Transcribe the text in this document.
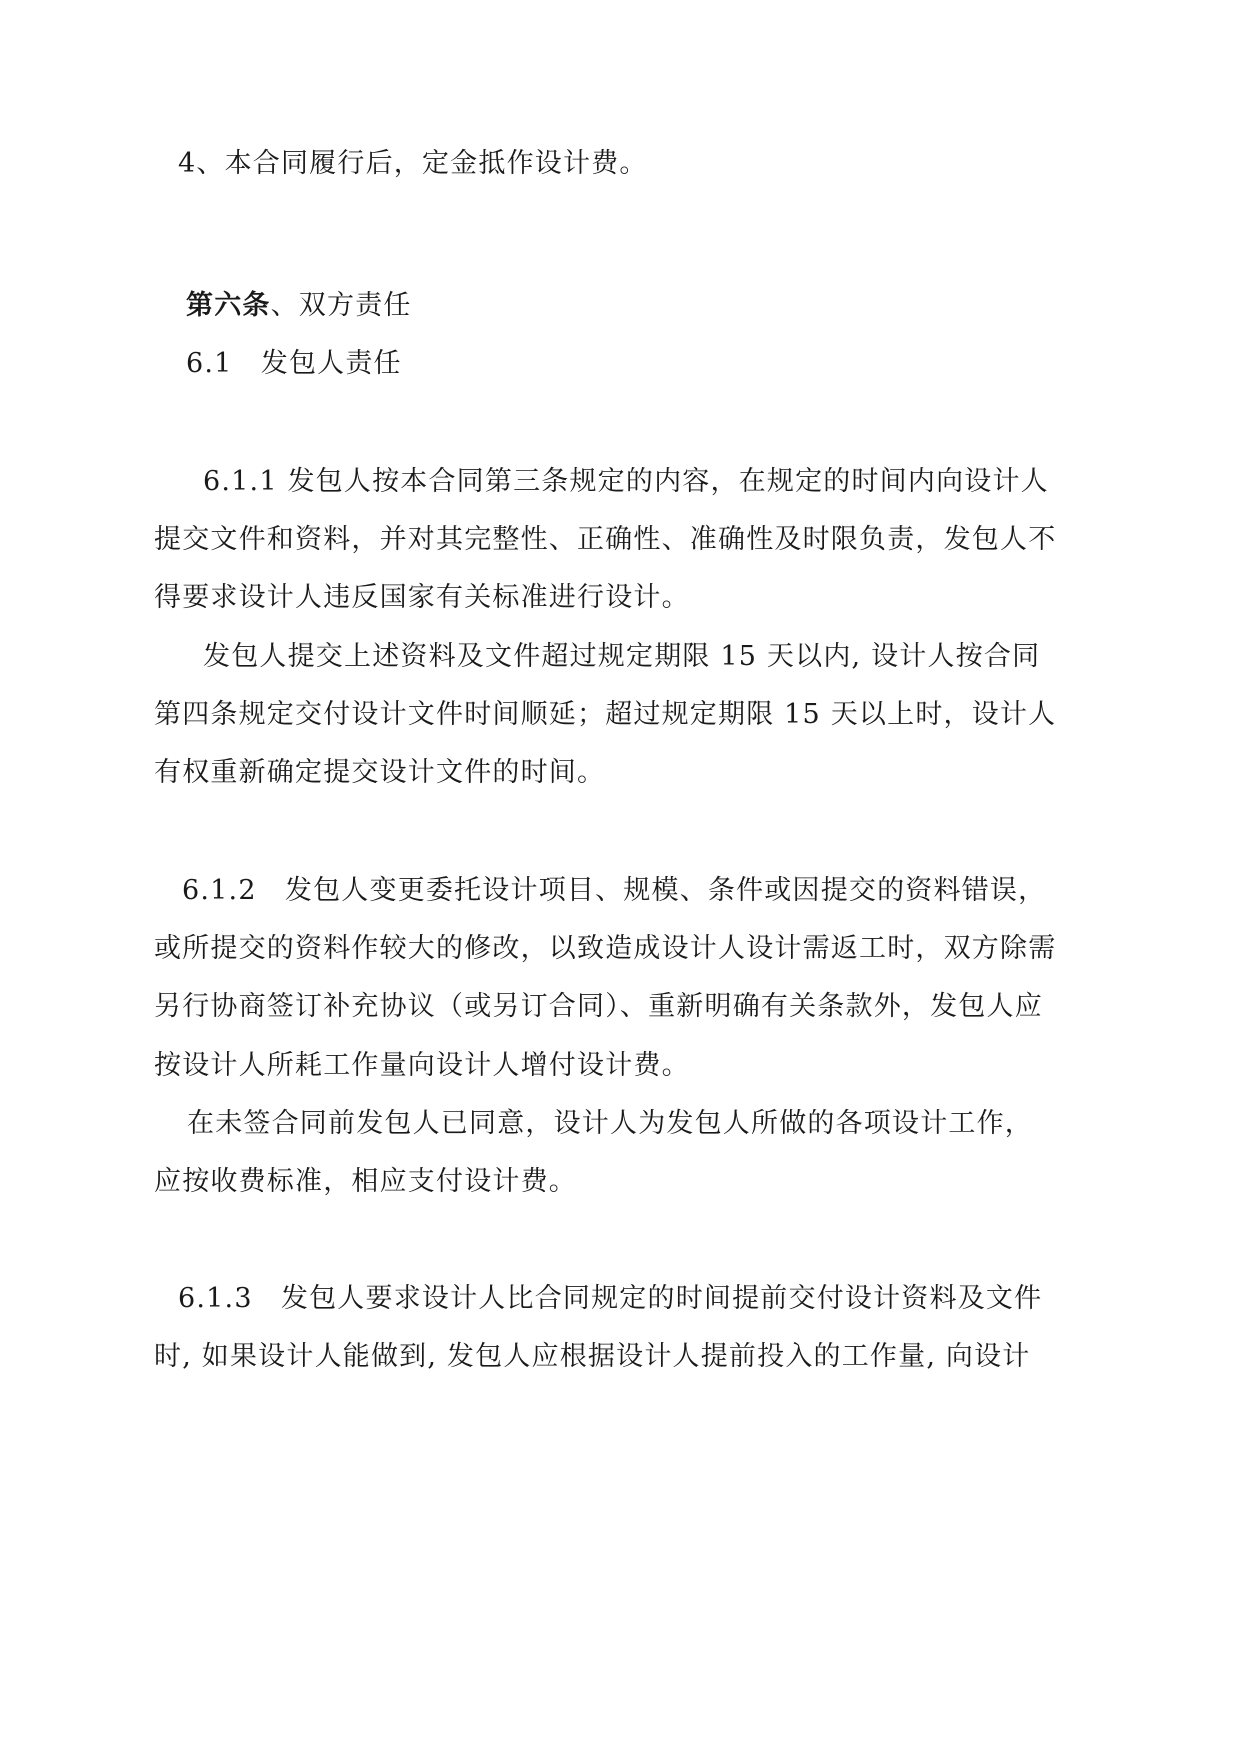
4、本合同履行后，定金抵作设计费。
第六条、双方责任
6.1　发包人责任
6.1.1 发包人按本合同第三条规定的内容，在规定的时间内向设计人
提交文件和资料，并对其完整性、正确性、准确性及时限负责，发包人不
得要求设计人违反国家有关标准进行设计。
发包人提交上述资料及文件超过规定期限 15 天以内, 设计人按合同
第四条规定交付设计文件时间顺延；超过规定期限 15 天以上时，设计人
有权重新确定提交设计文件的时间。
6.1.2　发包人变更委托设计项目、规模、条件或因提交的资料错误，
或所提交的资料作较大的修改，以致造成设计人设计需返工时，双方除需
另行协商签订补充协议（或另订合同）、重新明确有关条款外，发包人应
按设计人所耗工作量向设计人增付设计费。
在未签合同前发包人已同意，设计人为发包人所做的各项设计工作，
应按收费标准，相应支付设计费。
6.1.3　发包人要求设计人比合同规定的时间提前交付设计资料及文件
时, 如果设计人能做到, 发包人应根据设计人提前投入的工作量, 向设计
